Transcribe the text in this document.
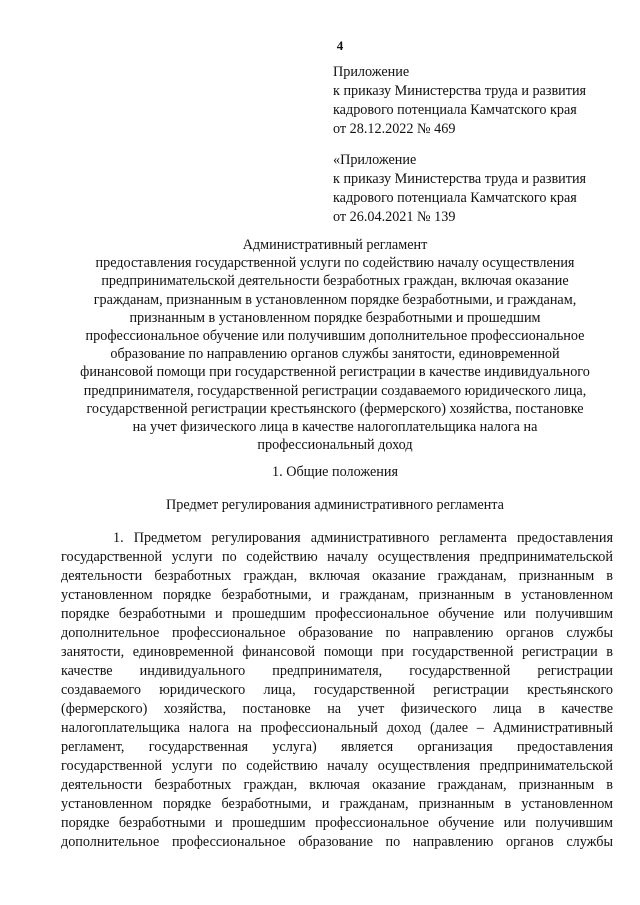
4
Приложение
к приказу Министерства труда и развития
кадрового потенциала Камчатского края
от 28.12.2022 № 469
«Приложение
к приказу Министерства труда и развития
кадрового потенциала Камчатского края
от 26.04.2021 № 139
Административный регламент
предоставления государственной услуги по содействию началу осуществления
предпринимательской деятельности безработных граждан, включая оказание
гражданам, признанным в установленном порядке безработными, и гражданам,
признанным в установленном порядке безработными и прошедшим
профессиональное обучение или получившим дополнительное профессиональное
образование по направлению органов службы занятости, единовременной
финансовой помощи при государственной регистрации в качестве индивидуального
предпринимателя, государственной регистрации создаваемого юридического лица,
государственной регистрации крестьянского (фермерского) хозяйства, постановке
на учет физического лица в качестве налогоплательщика налога на
профессиональный доход
1. Общие положения
Предмет регулирования административного регламента
1. Предметом регулирования административного регламента предоставления
государственной услуги по содействию началу осуществления предпринимательской
деятельности безработных граждан, включая оказание гражданам, признанным в
установленном порядке безработными, и гражданам, признанным в установленном
порядке безработными и прошедшим профессиональное обучение или получившим
дополнительное профессиональное образование по направлению органов службы
занятости, единовременной финансовой помощи при государственной регистрации в
качестве индивидуального предпринимателя, государственной регистрации
создаваемого юридического лица, государственной регистрации крестьянского
(фермерского) хозяйства, постановке на учет физического лица в качестве
налогоплательщика налога на профессиональный доход (далее – Административный
регламент, государственная услуга) является организация предоставления
государственной услуги по содействию началу осуществления предпринимательской
деятельности безработных граждан, включая оказание гражданам, признанным в
установленном порядке безработными, и гражданам, признанным в установленном
порядке безработными и прошедшим профессиональное обучение или получившим
дополнительное профессиональное образование по направлению органов службы
